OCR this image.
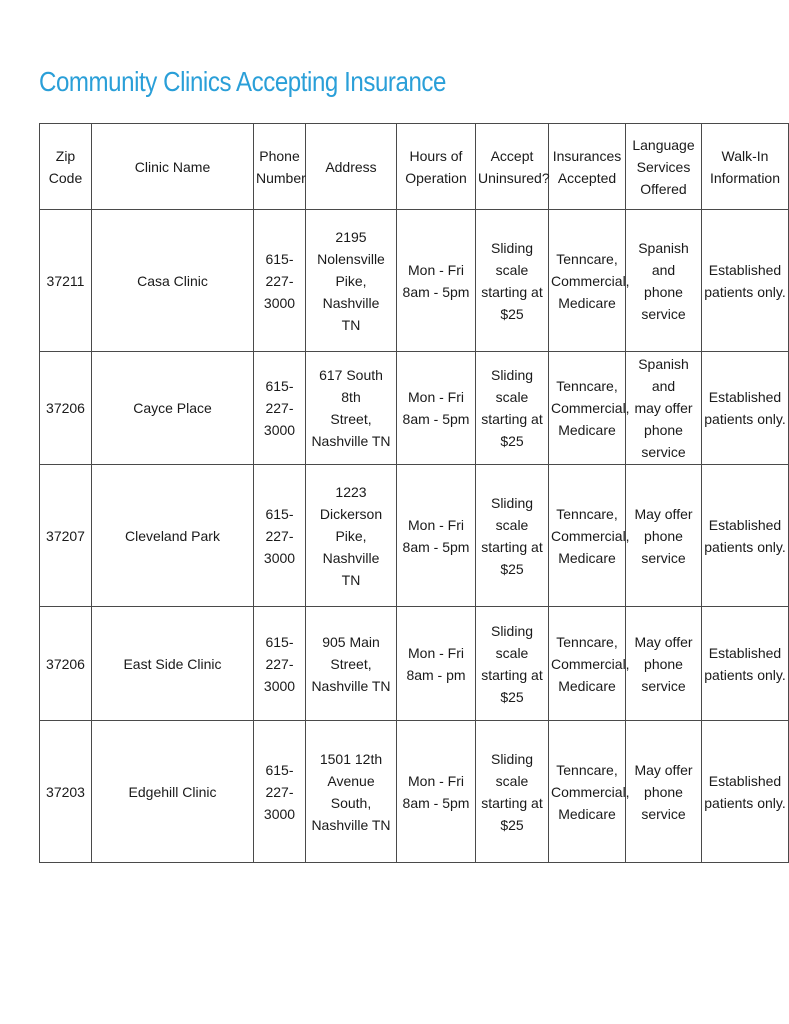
Community Clinics Accepting Insurance
Zip
Code	Clinic Name	Phone
Number	Address	Hours of
Operation	Accept
Uninsured?	Insurances
Accepted	Language
Services
Offered	Walk-In
Information

37211	Casa Clinic	615-227-
3000	2195
Nolensville
Pike, Nashville
TN	Mon - Fri
8am - 5pm	Sliding
scale
starting at
$25	Tenncare,
Commercial,
Medicare	Spanish and
phone
service	Established
patients only.

37206	Cayce Place	615-227-
3000	617 South 8th
Street,
Nashville TN	Mon - Fri
8am - 5pm	Sliding
scale
starting at
$25	Tenncare,
Commercial,
Medicare	Spanish and
may offer
phone
service	Established
patients only.

37207	Cleveland Park	615-227-
3000	1223
Dickerson
Pike, Nashville
TN	Mon - Fri
8am - 5pm	Sliding
scale
starting at
$25	Tenncare,
Commercial,
Medicare	May offer
phone
service	Established
patients only.

37206	East Side Clinic	615-227-
3000	905 Main
Street,
Nashville TN	Mon - Fri
8am - pm	Sliding
scale
starting at
$25	Tenncare,
Commercial,
Medicare	May offer
phone
service	Established
patients only.

37203	Edgehill Clinic	615-227-
3000	1501 12th
Avenue South,
Nashville TN	Mon - Fri
8am - 5pm	Sliding
scale
starting at
$25	Tenncare,
Commercial,
Medicare	May offer
phone
service	Established
patients only.
